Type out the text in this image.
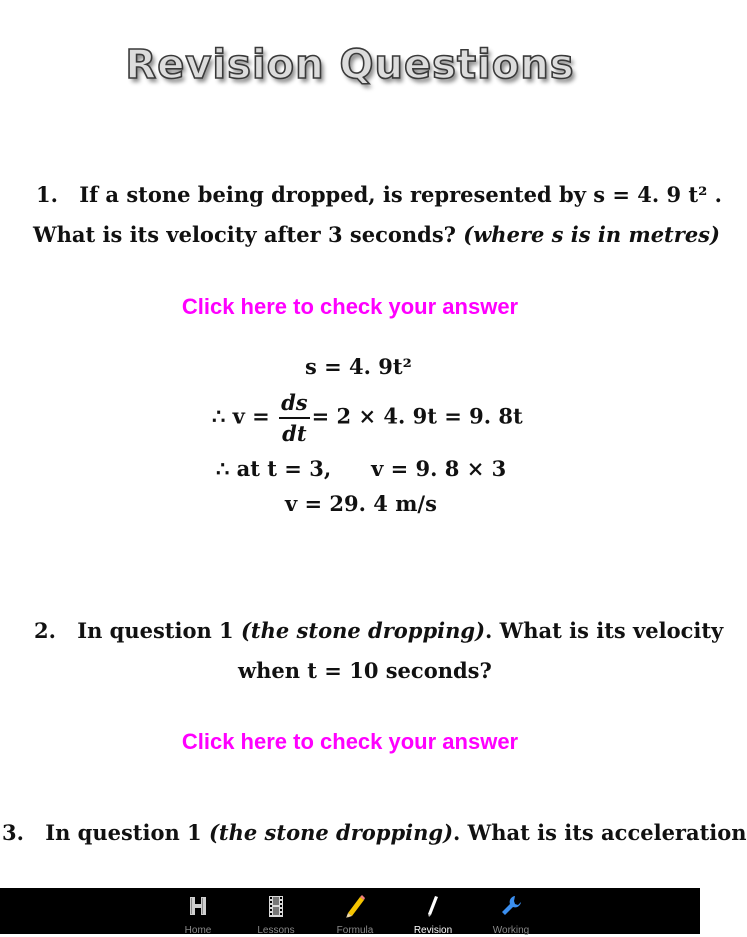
Revision Questions
1. If a stone being dropped, is represented by s = 4. 9 t² .
What is its velocity after 3 seconds? (where s is in metres)
Click here to check your answer
s = 4. 9t²
∴ $v = \frac{ds}{dt} = 2 \times 4$. 9t = 9. 8t
∴ at t = 3, v = 9. 8 × 3
v = 29. 4 m/s
2. In question 1 (the stone dropping). What is its velocity
when t = 10 seconds?
Click here to check your answer
3. In question 1 (the stone dropping). What is its acceleration
Home	Lessons	Formula	Revision	Working
